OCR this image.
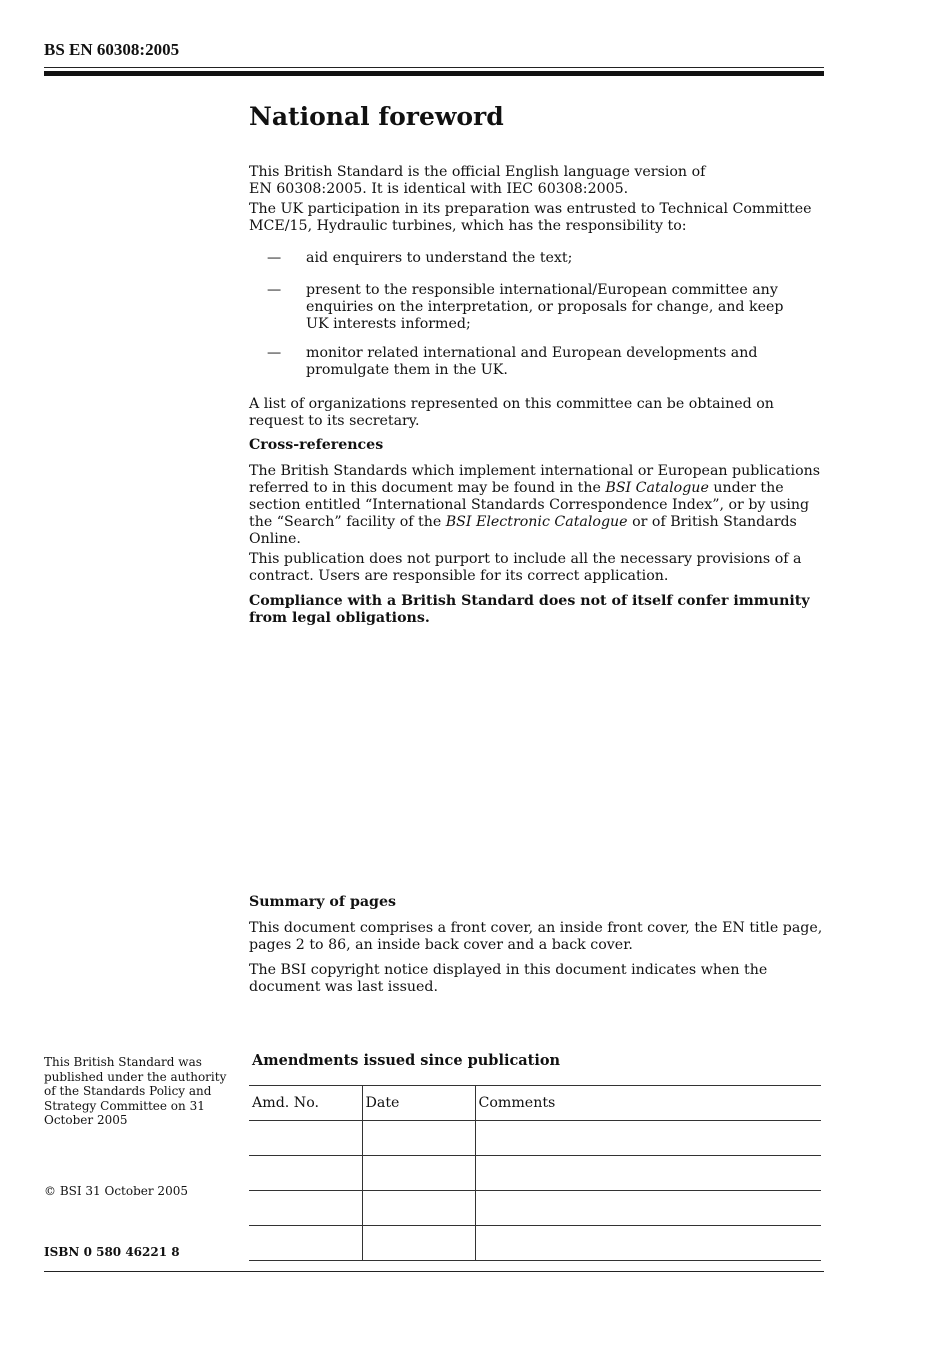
BS EN 60308:2005
National foreword

This British Standard is the official English language version of EN 60308:2005. It is identical with IEC 60308:2005.

The UK participation in its preparation was entrusted to Technical Committee MCE/15, Hydraulic turbines, which has the responsibility to:

— aid enquirers to understand the text;

— present to the responsible international/European committee any enquiries on the interpretation, or proposals for change, and keep UK interests informed;

— monitor related international and European developments and promulgate them in the UK.

A list of organizations represented on this committee can be obtained on request to its secretary.

Cross-references

The British Standards which implement international or European publications referred to in this document may be found in the BSI Catalogue under the section entitled “International Standards Correspondence Index”, or by using the “Search” facility of the BSI Electronic Catalogue or of British Standards Online.

This publication does not purport to include all the necessary provisions of a contract. Users are responsible for its correct application.

Compliance with a British Standard does not of itself confer immunity from legal obligations.

Summary of pages

This document comprises a front cover, an inside front cover, the EN title page, pages 2 to 86, an inside back cover and a back cover.

The BSI copyright notice displayed in this document indicates when the document was last issued.

This British Standard was published under the authority of the Standards Policy and Strategy Committee on 31 October 2005
© BSI 31 October 2005
ISBN 0 580 46221 8
Amendments issued since publication
Amd. No.	Date	Comments
